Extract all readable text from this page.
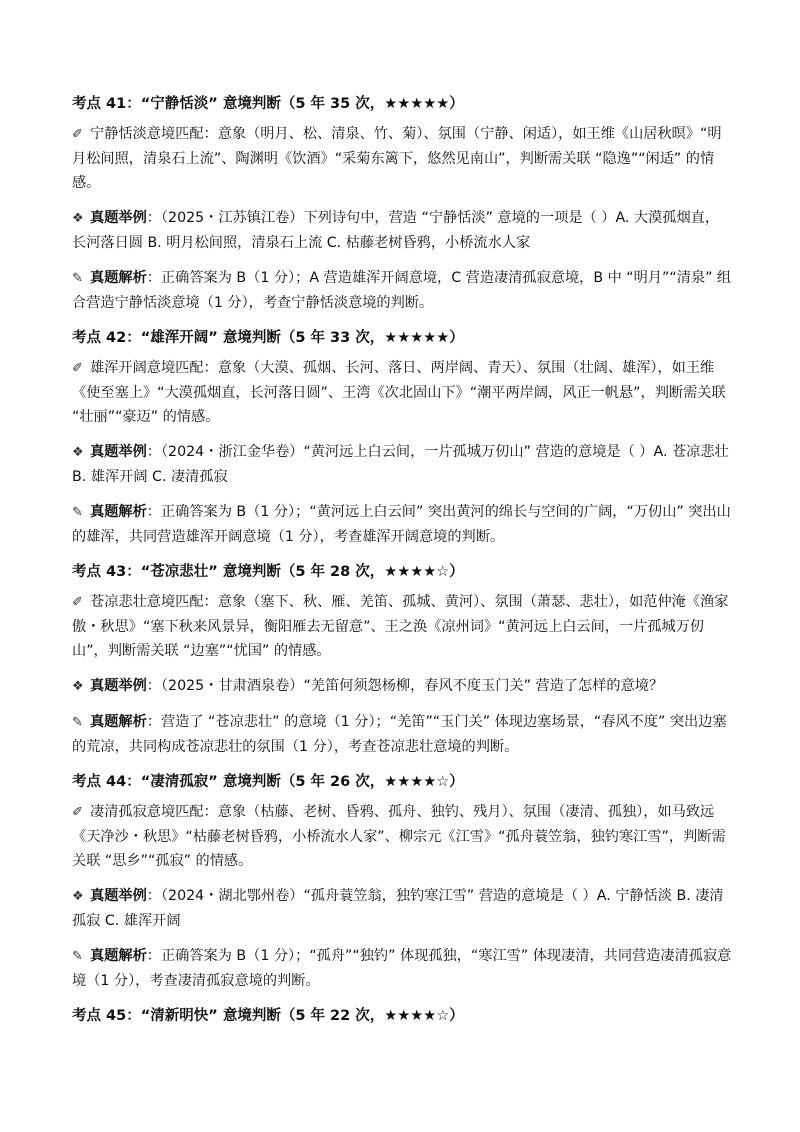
考点 41：“宁静恬淡” 意境判断（5 年 35 次，★★★★★）
✐ 宁静恬淡意境匹配：意象（明月、松、清泉、竹、菊）、氛围（宁静、闲适），如王维《山居秋暝》“明月松间照，清泉石上流”、陶渊明《饮酒》“采菊东篱下，悠然见南山”，判断需关联 “隐逸”“闲适” 的情感。
❖ 真题举例：（2025・江苏镇江卷）下列诗句中，营造 “宁静恬淡” 意境的一项是（ ）A. 大漠孤烟直，长河落日圆 B. 明月松间照，清泉石上流 C. 枯藤老树昏鸦，小桥流水人家
✎ 真题解析：正确答案为 B（1 分）；A 营造雄浑开阔意境，C 营造凄清孤寂意境，B 中 “明月”“清泉” 组合营造宁静恬淡意境（1 分），考查宁静恬淡意境的判断。
考点 42：“雄浑开阔” 意境判断（5 年 33 次，★★★★★）
✐ 雄浑开阔意境匹配：意象（大漠、孤烟、长河、落日、两岸阔、青天）、氛围（壮阔、雄浑），如王维《使至塞上》“大漠孤烟直，长河落日圆”、王湾《次北固山下》“潮平两岸阔，风正一帆悬”，判断需关联 “壮丽”“豪迈” 的情感。
❖ 真题举例：（2024・浙江金华卷）“黄河远上白云间，一片孤城万仞山” 营造的意境是（ ）A. 苍凉悲壮 B. 雄浑开阔 C. 凄清孤寂
✎ 真题解析：正确答案为 B（1 分）；“黄河远上白云间” 突出黄河的绵长与空间的广阔，“万仞山” 突出山的雄浑，共同营造雄浑开阔意境（1 分），考查雄浑开阔意境的判断。
考点 43：“苍凉悲壮” 意境判断（5 年 28 次，★★★★☆）
✐ 苍凉悲壮意境匹配：意象（塞下、秋、雁、羌笛、孤城、黄河）、氛围（萧瑟、悲壮），如范仲淹《渔家傲・秋思》“塞下秋来风景异，衡阳雁去无留意”、王之涣《凉州词》“黄河远上白云间，一片孤城万仞山”，判断需关联 “边塞”“忧国” 的情感。
❖ 真题举例：（2025・甘肃酒泉卷）“羌笛何须怨杨柳，春风不度玉门关” 营造了怎样的意境？
✎ 真题解析：营造了 “苍凉悲壮” 的意境（1 分）；“羌笛”“玉门关” 体现边塞场景，“春风不度” 突出边塞的荒凉，共同构成苍凉悲壮的氛围（1 分），考查苍凉悲壮意境的判断。
考点 44：“凄清孤寂” 意境判断（5 年 26 次，★★★★☆）
✐ 凄清孤寂意境匹配：意象（枯藤、老树、昏鸦、孤舟、独钓、残月）、氛围（凄清、孤独），如马致远《天净沙・秋思》“枯藤老树昏鸦，小桥流水人家”、柳宗元《江雪》“孤舟蓑笠翁，独钓寒江雪”，判断需关联 “思乡”“孤寂” 的情感。
❖ 真题举例：（2024・湖北鄂州卷）“孤舟蓑笠翁，独钓寒江雪” 营造的意境是（ ）A. 宁静恬淡 B. 凄清孤寂 C. 雄浑开阔
✎ 真题解析：正确答案为 B（1 分）；“孤舟”“独钓” 体现孤独，“寒江雪” 体现凄清，共同营造凄清孤寂意境（1 分），考查凄清孤寂意境的判断。
考点 45：“清新明快” 意境判断（5 年 22 次，★★★★☆）
